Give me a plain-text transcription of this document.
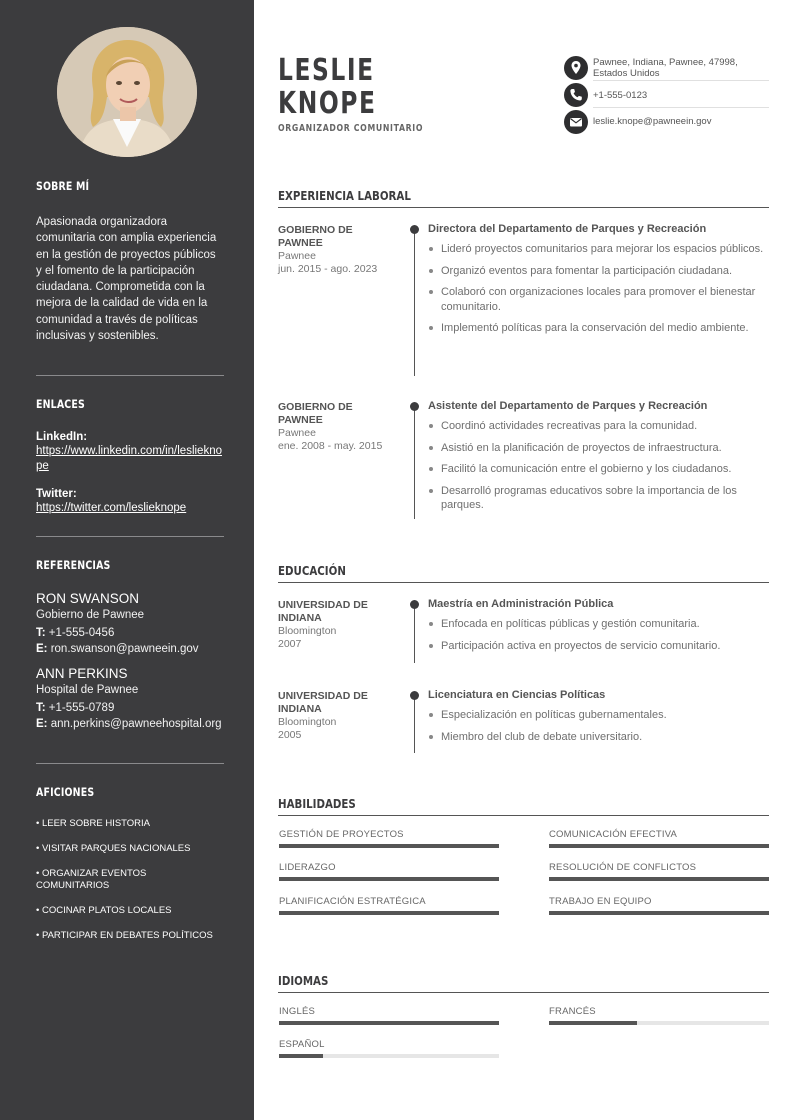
SOBRE MÍ
Apasionada organizadora comunitaria con amplia experiencia en la gestión de proyectos públicos y el fomento de la participación ciudadana. Comprometida con la mejora de la calidad de vida en la comunidad a través de políticas inclusivas y sostenibles.
ENLACES
LinkedIn:
https://www.linkedin.com/in/leslieknope
Twitter:
https://twitter.com/leslieknope
REFERENCIAS
RON SWANSON
Gobierno de Pawnee
T: +1-555-0456
E: ron.swanson@pawneein.gov
ANN PERKINS
Hospital de Pawnee
T: +1-555-0789
E: ann.perkins@pawneehospital.org
AFICIONES
• LEER SOBRE HISTORIA
• VISITAR PARQUES NACIONALES
• ORGANIZAR EVENTOS COMUNITARIOS
• COCINAR PLATOS LOCALES
• PARTICIPAR EN DEBATES POLÍTICOS
LESLIE
KNOPE
ORGANIZADOR COMUNITARIO
Pawnee, Indiana, Pawnee, 47998, Estados Unidos
+1-555-0123
leslie.knope@pawneein.gov
EXPERIENCIA LABORAL
GOBIERNO DE PAWNEE
Pawnee
jun. 2015 - ago. 2023
Directora del Departamento de Parques y Recreación
Lideró proyectos comunitarios para mejorar los espacios públicos.
Organizó eventos para fomentar la participación ciudadana.
Colaboró con organizaciones locales para promover el bienestar comunitario.
Implementó políticas para la conservación del medio ambiente.
GOBIERNO DE PAWNEE
Pawnee
ene. 2008 - may. 2015
Asistente del Departamento de Parques y Recreación
Coordinó actividades recreativas para la comunidad.
Asistió en la planificación de proyectos de infraestructura.
Facilitó la comunicación entre el gobierno y los ciudadanos.
Desarrolló programas educativos sobre la importancia de los parques.
EDUCACIÓN
UNIVERSIDAD DE INDIANA
Bloomington
2007
Maestría en Administración Pública
Enfocada en políticas públicas y gestión comunitaria.
Participación activa en proyectos de servicio comunitario.
UNIVERSIDAD DE INDIANA
Bloomington
2005
Licenciatura en Ciencias Políticas
Especialización en políticas gubernamentales.
Miembro del club de debate universitario.
HABILIDADES
GESTIÓN DE PROYECTOS	COMUNICACIÓN EFECTIVA
LIDERAZGO	RESOLUCIÓN DE CONFLICTOS
PLANIFICACIÓN ESTRATÉGICA	TRABAJO EN EQUIPO
IDIOMAS
INGLÉS	FRANCÉS
ESPAÑOL
